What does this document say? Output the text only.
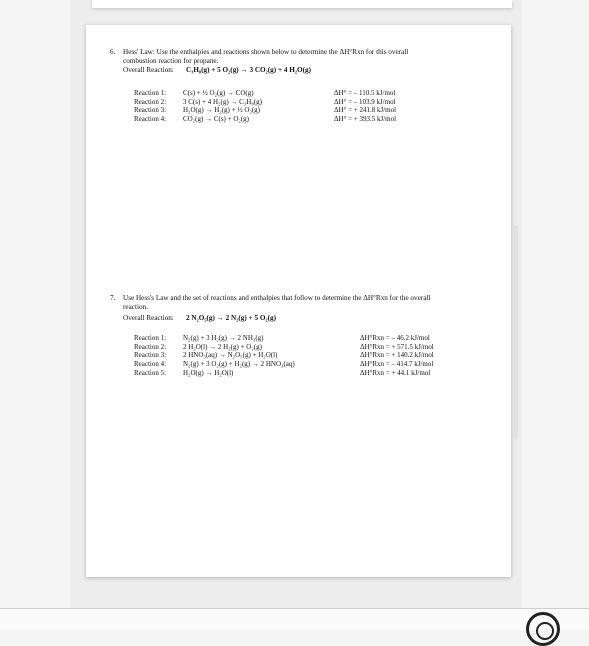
6. Hess' Law: Use the enthalpies and reactions shown below to determine the ΔH°Rxn for this overall
combustion reaction for propane.
Overall Reaction: C₃H₈(g) + 5 O₂(g) → 3 CO₂(g) + 4 H₂O(g)
Reaction 1: C(s) + ½ O₂(g) → CO(g)	ΔH° = – 110.5 kJ/mol
Reaction 2: 3 C(s) + 4 H₂(g) → C₃H₈(g)	ΔH° = – 103.9 kJ/mol
Reaction 3: H₂O(g) → H₂(g) + ½ O₂(g)	ΔH° = + 241.8 kJ/mol
Reaction 4: CO₂(g) → C(s) + O₂(g)	ΔH° = + 393.5 kJ/mol
7. Use Hess's Law and the set of reactions and enthalpies that follow to determine the ΔH°Rxn for the overall
reaction.
Overall Reaction: 2 N₂O₅(g) → 2 N₂(g) + 5 O₂(g)
Reaction 1: N₂(g) + 3 H₂(g) → 2 NH₃(g)	ΔH°Rxn = – 46.2 kJ/mol
Reaction 2: 2 H₂O(l) → 2 H₂(g) + O₂(g)	ΔH°Rxn = + 571.5 kJ/mol
Reaction 3: 2 HNO₃(aq) → N₂O₅(g) + H₂O(l)	ΔH°Rxn = + 140.2 kJ/mol
Reaction 4: N₂(g) + 3 O₂(g) + H₂(g) → 2 HNO₃(aq)	ΔH°Rxn = – 414.7 kJ/mol
Reaction 5: H₂O(g) → H₂O(l)	ΔH°Rxn = + 44.1 kJ/mol
